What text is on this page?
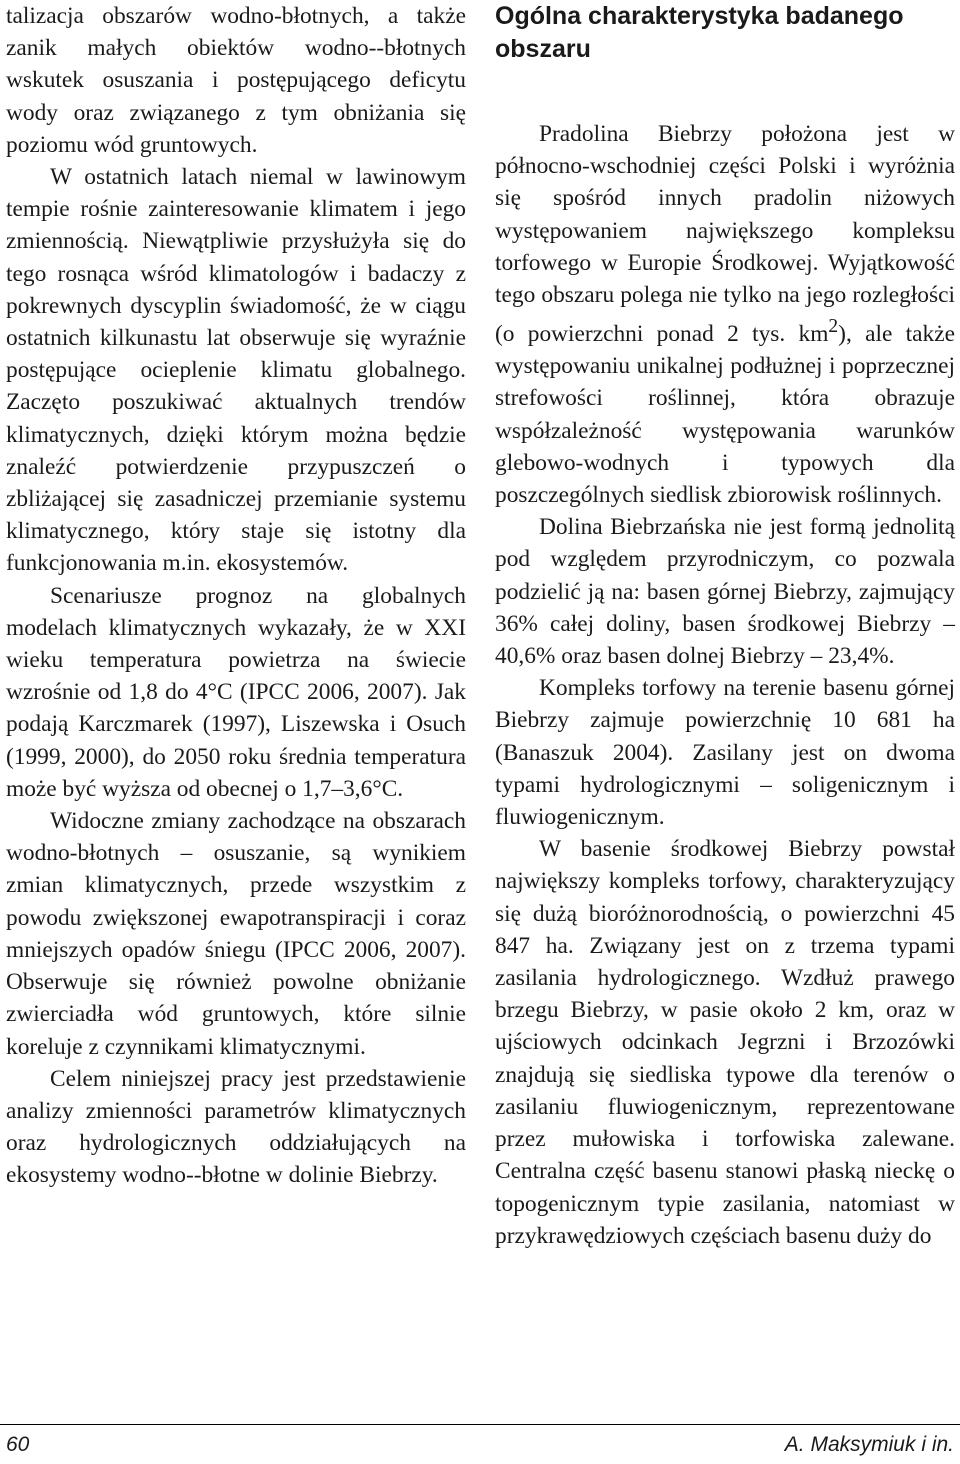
talizacja obszarów wodno-błotnych, a także zanik małych obiektów wodno--błotnych wskutek osuszania i postępującego deficytu wody oraz związanego z tym obniżania się poziomu wód gruntowych.

W ostatnich latach niemal w lawinowym tempie rośnie zainteresowanie klimatem i jego zmiennością. Niewątpliwie przysłużyła się do tego rosnąca wśród klimatologów i badaczy z pokrewnych dyscyplin świadomość, że w ciągu ostatnich kilkunastu lat obserwuje się wyraźnie postępujące ocieplenie klimatu globalnego. Zaczęto poszukiwać aktualnych trendów klimatycznych, dzięki którym można będzie znaleźć potwierdzenie przypuszczeń o zbliżającej się zasadniczej przemianie systemu klimatycznego, który staje się istotny dla funkcjonowania m.in. ekosystemów.

Scenariusze prognoz na globalnych modelach klimatycznych wykazały, że w XXI wieku temperatura powietrza na świecie wzrośnie od 1,8 do 4°C (IPCC 2006, 2007). Jak podają Karczmarek (1997), Liszewska i Osuch (1999, 2000), do 2050 roku średnia temperatura może być wyższa od obecnej o 1,7–3,6°C.

Widoczne zmiany zachodzące na obszarach wodno-błotnych – osuszanie, są wynikiem zmian klimatycznych, przede wszystkim z powodu zwiększonej ewapotranspiracji i coraz mniejszych opadów śniegu (IPCC 2006, 2007). Obserwuje się również powolne obniżanie zwierciadła wód gruntowych, które silnie koreluje z czynnikami klimatycznymi.

Celem niniejszej pracy jest przedstawienie analizy zmienności parametrów klimatycznych oraz hydrologicznych oddziałujących na ekosystemy wodno--błotne w dolinie Biebrzy.

Ogólna charakterystyka badanego obszaru

Pradolina Biebrzy położona jest w północno-wschodniej części Polski i wyróżnia się spośród innych pradolin niżowych występowaniem największego kompleksu torfowego w Europie Środkowej. Wyjątkowość tego obszaru polega nie tylko na jego rozległości (o powierzchni ponad 2 tys. $km^2$), ale także występowaniu unikalnej podłużnej i poprzecznej strefowości roślinnej, która obrazuje współzależność występowania warunków glebowo-wodnych i typowych dla poszczególnych siedlisk zbiorowisk roślinnych.

Dolina Biebrzańska nie jest formą jednolitą pod względem przyrodniczym, co pozwala podzielić ją na: basen górnej Biebrzy, zajmujący 36% całej doliny, basen środkowej Biebrzy – 40,6% oraz basen dolnej Biebrzy – 23,4%.

Kompleks torfowy na terenie basenu górnej Biebrzy zajmuje powierzchnię 10 681 ha (Banaszuk 2004). Zasilany jest on dwoma typami hydrologicznymi – soligenicznym i fluwiogenicznym.

W basenie środkowej Biebrzy powstał największy kompleks torfowy, charakteryzujący się dużą bioróżnorodnością, o powierzchni 45 847 ha. Związany jest on z trzema typami zasilania hydrologicznego. Wzdłuż prawego brzegu Biebrzy, w pasie około 2 km, oraz w ujściowych odcinkach Jegrzni i Brzozówki znajdują się siedliska typowe dla terenów o zasilaniu fluwiogenicznym, reprezentowane przez mułowiska i torfowiska zalewane. Centralna część basenu stanowi płaską nieckę o topogenicznym typie zasilania, natomiast w przykrawędziowych częściach basenu duży do

60	A. Maksymiuk i in.
